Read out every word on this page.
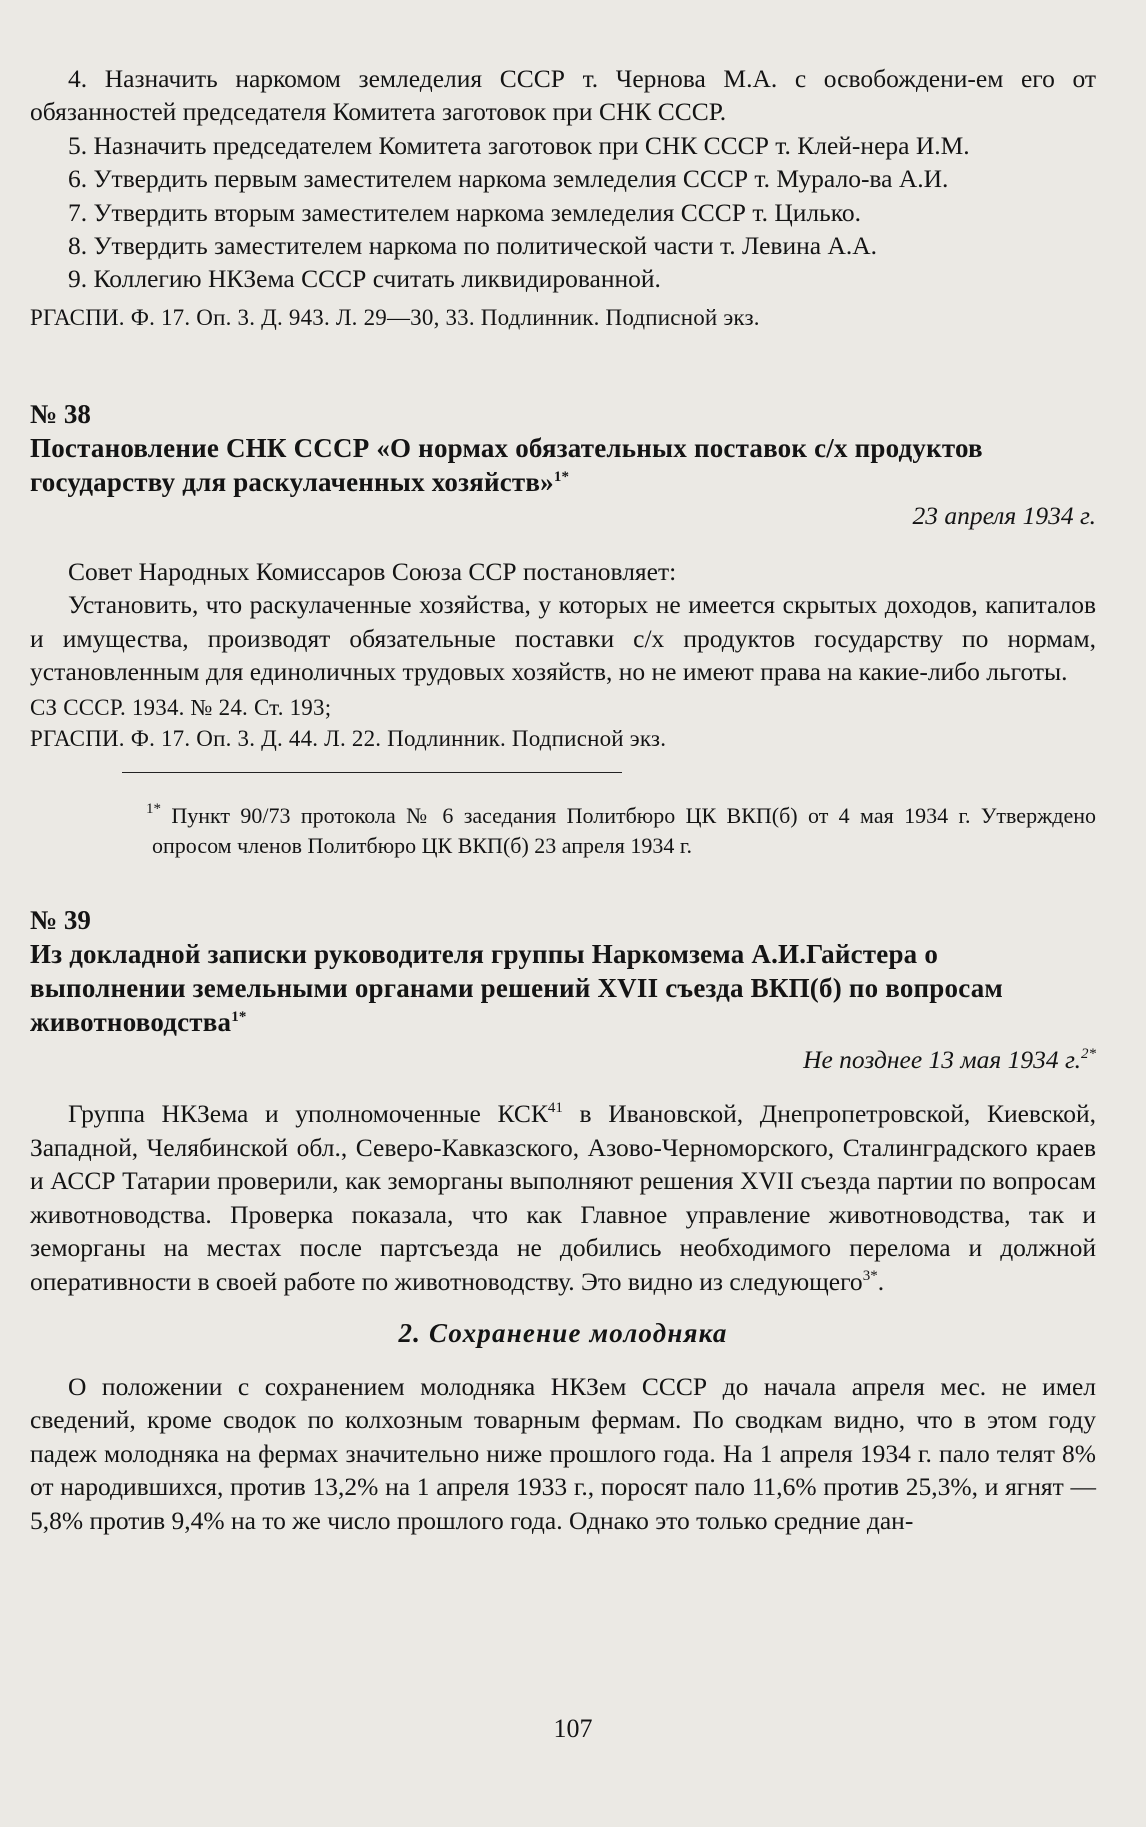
4. Назначить наркомом земледелия СССР т. Чернова М.А. с освобождени-ем его от обязанностей председателя Комитета заготовок при СНК СССР.

5. Назначить председателем Комитета заготовок при СНК СССР т. Клей-нера И.М.

6. Утвердить первым заместителем наркома земледелия СССР т. Мурало-ва А.И.

7. Утвердить вторым заместителем наркома земледелия СССР т. Цилько.

8. Утвердить заместителем наркома по политической части т. Левина А.А.

9. Коллегию НКЗема СССР считать ликвидированной.

РГАСПИ. Ф. 17. Оп. 3. Д. 943. Л. 29—30, 33. Подлинник. Подписной экз.

№ 38
Постановление СНК СССР «О нормах обязательных поставок с/х продуктов государству для раскулаченных хозяйств»$^{1*}$
23 апреля 1934 г.

Совет Народных Комиссаров Союза ССР постановляет:

Установить, что раскулаченные хозяйства, у которых не имеется скрытых доходов, капиталов и имущества, производят обязательные поставки с/х продуктов государству по нормам, установленным для единоличных трудовых хозяйств, но не имеют права на какие-либо льготы.

СЗ СССР. 1934. № 24. Ст. 193;

РГАСПИ. Ф. 17. Оп. 3. Д. 44. Л. 22. Подлинник. Подписной экз.

$^{1*}$ Пункт 90/73 протокола № 6 заседания Политбюро ЦК ВКП(б) от 4 мая 1934 г. Утверждено опросом членов Политбюро ЦК ВКП(б) 23 апреля 1934 г.

№ 39
Из докладной записки руководителя группы Наркомзема А.И.Гайстера о выполнении земельными органами решений XVII съезда ВКП(б) по вопросам животноводства$^{1*}$
Не позднее 13 мая 1934 г.$^{2*}$

Группа НКЗема и уполномоченные КСК$^{41}$ в Ивановской, Днепропетровской, Киевской, Западной, Челябинской обл., Северо-Кавказского, Азово-Черноморского, Сталинградского краев и АССР Татарии проверили, как земорганы выполняют решения XVII съезда партии по вопросам животноводства. Проверка показала, что как Главное управление животноводства, так и земорганы на местах после партсъезда не добились необходимого перелома и должной оперативности в своей работе по животноводству. Это видно из следующего$^{3*}$.

2. Сохранение молодняка

О положении с сохранением молодняка НКЗем СССР до начала апреля мес. не имел сведений, кроме сводок по колхозным товарным фермам. По сводкам видно, что в этом году падеж молодняка на фермах значительно ниже прошлого года. На 1 апреля 1934 г. пало телят 8% от народившихся, против 13,2% на 1 апреля 1933 г., поросят пало 11,6% против 25,3%, и ягнят — 5,8% против 9,4% на то же число прошлого года. Однако это только средние дан-

107
